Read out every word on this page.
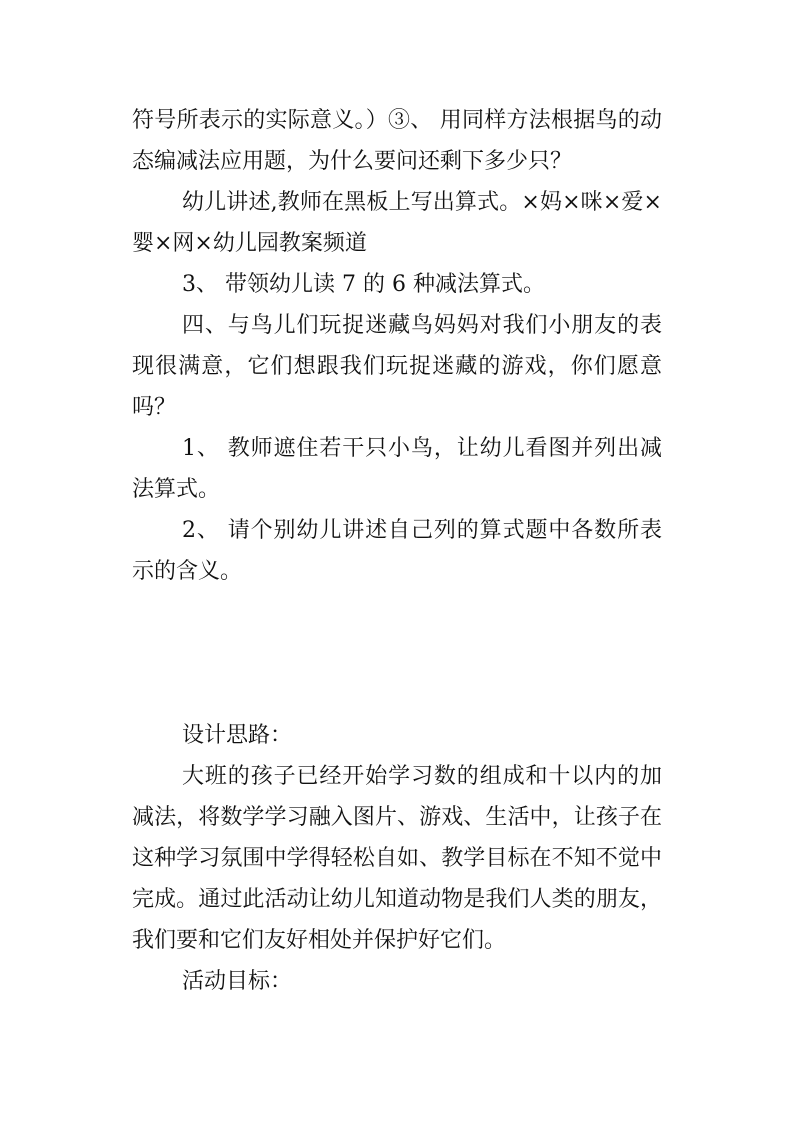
符号所表示的实际意义。）③、 用同样方法根据鸟的动态编减法应用题，为什么要问还剩下多少只？

幼儿讲述,教师在黑板上写出算式。×妈×咪×爱×婴×网×幼儿园教案频道

3、 带领幼儿读 7 的 6 种减法算式。

四、与鸟儿们玩捉迷藏鸟妈妈对我们小朋友的表现很满意，它们想跟我们玩捉迷藏的游戏，你们愿意吗？

1、 教师遮住若干只小鸟，让幼儿看图并列出减法算式。

2、 请个别幼儿讲述自己列的算式题中各数所表示的含义。

设计思路：

大班的孩子已经开始学习数的组成和十以内的加减法，将数学学习融入图片、游戏、生活中，让孩子在这种学习氛围中学得轻松自如、教学目标在不知不觉中完成。通过此活动让幼儿知道动物是我们人类的朋友，我们要和它们友好相处并保护好它们。

活动目标：
